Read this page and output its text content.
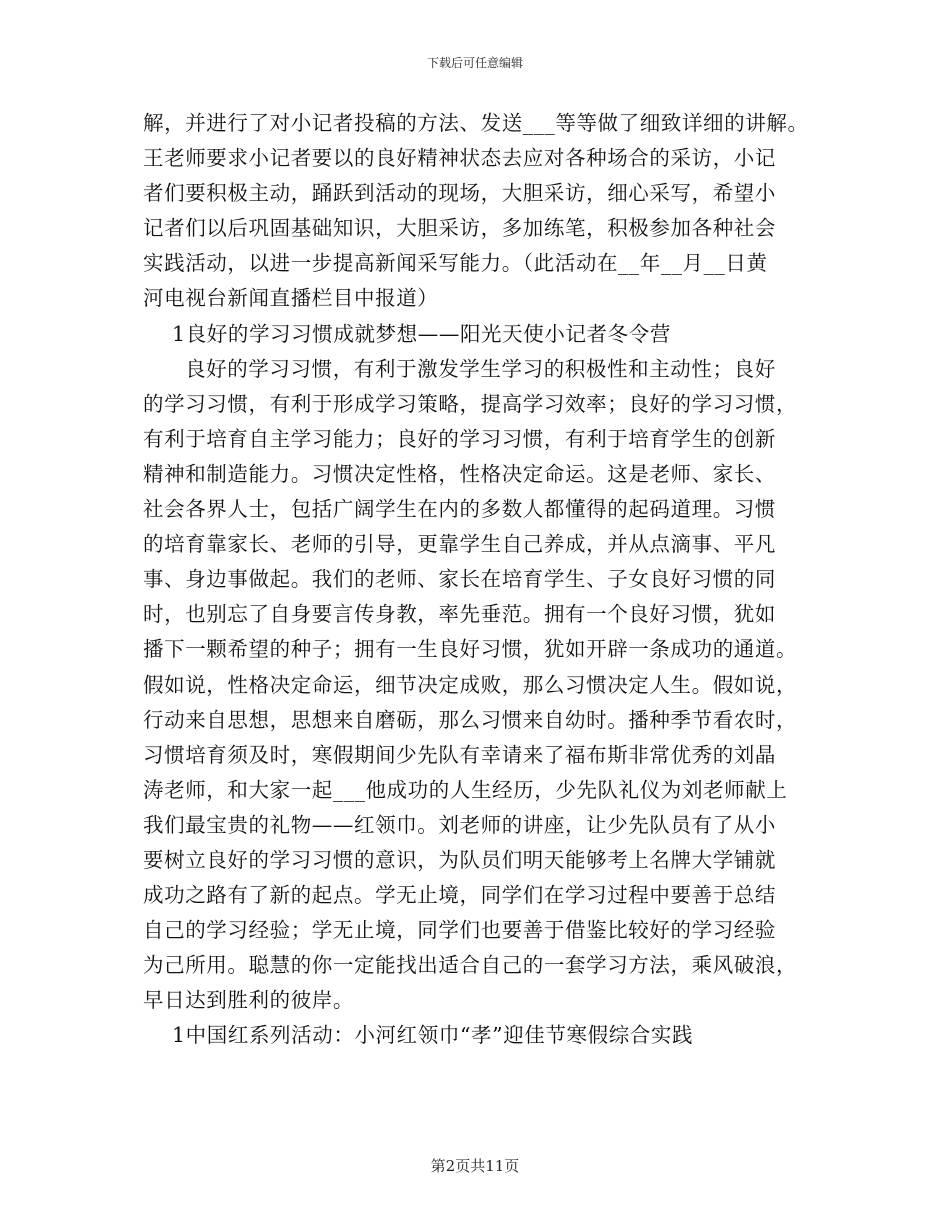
下载后可任意编辑
解，并进行了对小记者投稿的方法、发送___等等做了细致详细的讲解。
王老师要求小记者要以的良好精神状态去应对各种场合的采访，小记
者们要积极主动，踊跃到活动的现场，大胆采访，细心采写，希望小
记者们以后巩固基础知识，大胆采访，多加练笔，积极参加各种社会
实践活动，以进一步提高新闻采写能力。（此活动在__年__月__日黄
河电视台新闻直播栏目中报道）
1良好的学习习惯成就梦想——阳光天使小记者冬令营
良好的学习习惯，有利于激发学生学习的积极性和主动性；良好
的学习习惯，有利于形成学习策略，提高学习效率；良好的学习习惯，
有利于培育自主学习能力；良好的学习习惯，有利于培育学生的创新
精神和制造能力。习惯决定性格，性格决定命运。这是老师、家长、
社会各界人士，包括广阔学生在内的多数人都懂得的起码道理。习惯
的培育靠家长、老师的引导，更靠学生自己养成，并从点滴事、平凡
事、身边事做起。我们的老师、家长在培育学生、子女良好习惯的同
时，也别忘了自身要言传身教，率先垂范。拥有一个良好习惯，犹如
播下一颗希望的种子；拥有一生良好习惯，犹如开辟一条成功的通道。
假如说，性格决定命运，细节决定成败，那么习惯决定人生。假如说，
行动来自思想，思想来自磨砺，那么习惯来自幼时。播种季节看农时，
习惯培育须及时，寒假期间少先队有幸请来了福布斯非常优秀的刘晶
涛老师，和大家一起___他成功的人生经历，少先队礼仪为刘老师献上
我们最宝贵的礼物——红领巾。刘老师的讲座，让少先队员有了从小
要树立良好的学习习惯的意识，为队员们明天能够考上名牌大学铺就
成功之路有了新的起点。学无止境，同学们在学习过程中要善于总结
自己的学习经验；学无止境，同学们也要善于借鉴比较好的学习经验
为己所用。聪慧的你一定能找出适合自己的一套学习方法，乘风破浪，
早日达到胜利的彼岸。
1中国红系列活动：小河红领巾“孝”迎佳节寒假综合实践
第2页共11页
